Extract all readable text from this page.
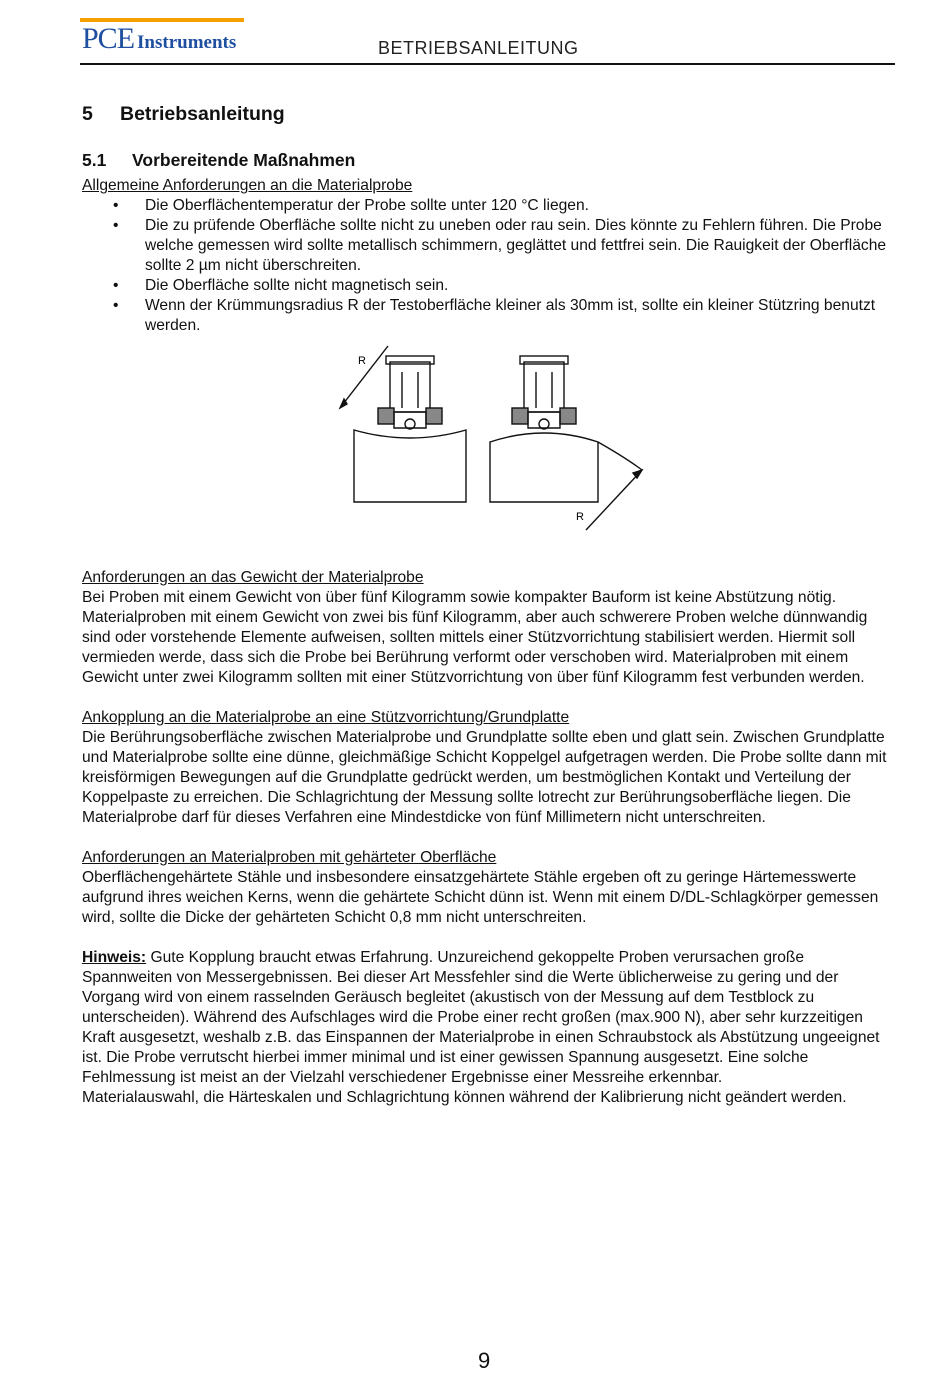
PCE Instruments	BETRIEBSANLEITUNG
5 Betriebsanleitung
5.1 Vorbereitende Maßnahmen
Allgemeine Anforderungen an die Materialprobe
• Die Oberflächentemperatur der Probe sollte unter 120 °C liegen.
• Die zu prüfende Oberfläche sollte nicht zu uneben oder rau sein. Dies könnte zu Fehlern führen. Die Probe welche gemessen wird sollte metallisch schimmern, geglättet und fettfrei sein. Die Rauigkeit der Oberfläche sollte 2 µm nicht überschreiten.
• Die Oberfläche sollte nicht magnetisch sein.
• Wenn der Krümmungsradius R der Testoberfläche kleiner als 30mm ist, sollte ein kleiner Stützring benutzt werden.
R
R
Anforderungen an das Gewicht der Materialprobe
Bei Proben mit einem Gewicht von über fünf Kilogramm sowie kompakter Bauform ist keine Abstützung nötig. Materialproben mit einem Gewicht von zwei bis fünf Kilogramm, aber auch schwerere Proben welche dünnwandig sind oder vorstehende Elemente aufweisen, sollten mittels einer Stützvorrichtung stabilisiert werden. Hiermit soll vermieden werde, dass sich die Probe bei Berührung verformt oder verschoben wird. Materialproben mit einem Gewicht unter zwei Kilogramm sollten mit einer Stützvorrichtung von über fünf Kilogramm fest verbunden werden.
Ankopplung an die Materialprobe an eine Stützvorrichtung/Grundplatte
Die Berührungsoberfläche zwischen Materialprobe und Grundplatte sollte eben und glatt sein. Zwischen Grundplatte und Materialprobe sollte eine dünne, gleichmäßige Schicht Koppelgel aufgetragen werden. Die Probe sollte dann mit kreisförmigen Bewegungen auf die Grundplatte gedrückt werden, um bestmöglichen Kontakt und Verteilung der Koppelpaste zu erreichen. Die Schlagrichtung der Messung sollte lotrecht zur Berührungsoberfläche liegen. Die Materialprobe darf für dieses Verfahren eine Mindestdicke von fünf Millimetern nicht unterschreiten.
Anforderungen an Materialproben mit gehärteter Oberfläche
Oberflächengehärtete Stähle und insbesondere einsatzgehärtete Stähle ergeben oft zu geringe Härtemesswerte aufgrund ihres weichen Kerns, wenn die gehärtete Schicht dünn ist. Wenn mit einem D/DL-Schlagkörper gemessen wird, sollte die Dicke der gehärteten Schicht 0,8 mm nicht unterschreiten.
Hinweis: Gute Kopplung braucht etwas Erfahrung. Unzureichend gekoppelte Proben verursachen große Spannweiten von Messergebnissen. Bei dieser Art Messfehler sind die Werte üblicherweise zu gering und der Vorgang wird von einem rasselnden Geräusch begleitet (akustisch von der Messung auf dem Testblock zu unterscheiden). Während des Aufschlages wird die Probe einer recht großen (max.900 N), aber sehr kurzzeitigen Kraft ausgesetzt, weshalb z.B. das Einspannen der Materialprobe in einen Schraubstock als Abstützung ungeeignet ist. Die Probe verrutscht hierbei immer minimal und ist einer gewissen Spannung ausgesetzt. Eine solche Fehlmessung ist meist an der Vielzahl verschiedener Ergebnisse einer Messreihe erkennbar.
Materialauswahl, die Härteskalen und Schlagrichtung können während der Kalibrierung nicht geändert werden.
9
